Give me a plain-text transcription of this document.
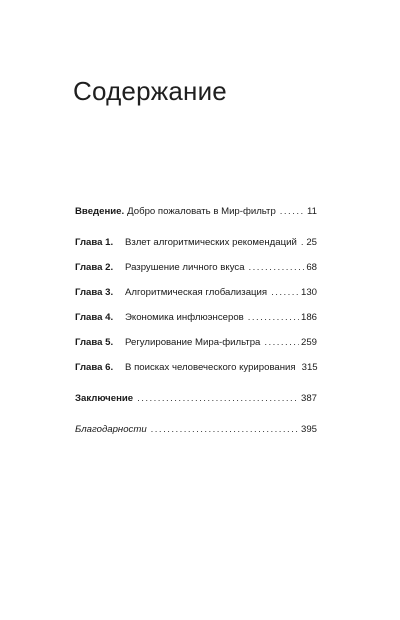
Содержание
Введение. Добро пожаловать в Мир-фильтр . . .	11
Глава 1.	Взлет алгоритмических рекомендаций . . . 25
Глава 2.	Разрушение личного вкуса . . .	68
Глава 3.	Алгоритмическая глобализация . . .	130
Глава 4.	Экономика инфлюэнсеров . . .	186
Глава 5.	Регулирование Мира-фильтра . . .	259
Глава 6.	В поисках человеческого курирования 315
Заключение . . .	387
Благодарности . . .	395
